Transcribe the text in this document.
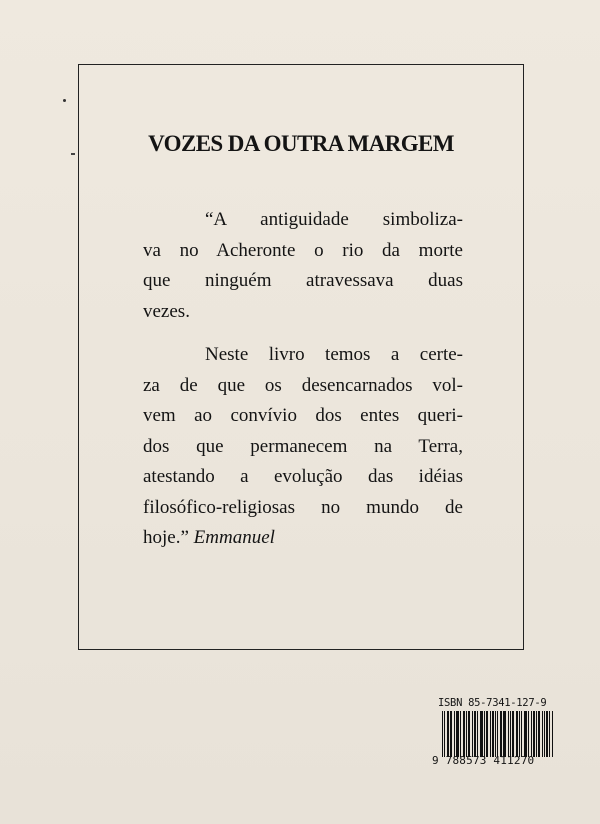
VOZES DA OUTRA MARGEM

“A antiguidade simboliza-
va no Acheronte o rio da morte
que ninguém atravessava duas
vezes.

Neste livro temos a certe-
za de que os desencarnados vol-
vem ao convívio dos entes queri-
dos que permanecem na Terra,
atestando a evolução das idéias
filosófico-religiosas no mundo de
hoje.” Emmanuel

ISBN 85-7341-127-9
9 788573 411270
